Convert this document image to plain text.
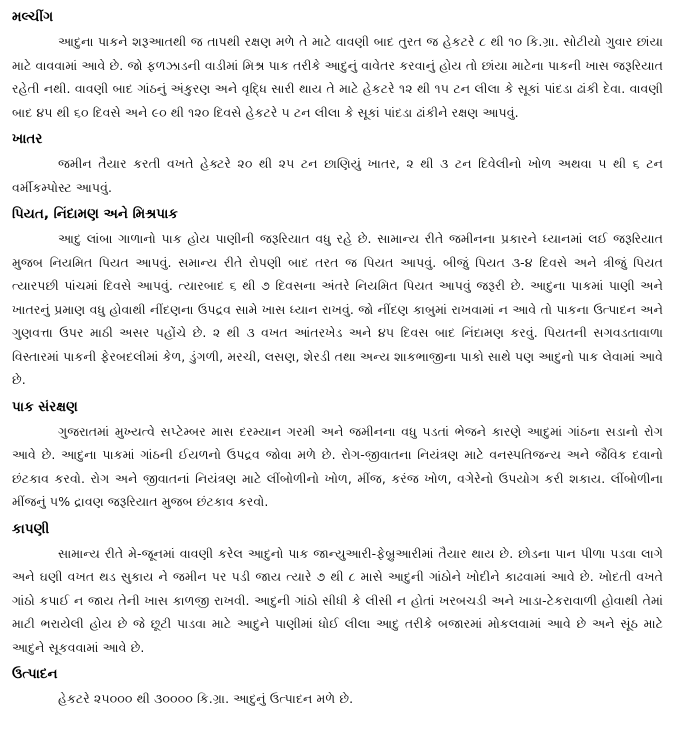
મલ્ચીંગ

આદુના પાકને શરૂઆતથી જ તાપથી રક્ષણ મળે તે માટે વાવણી બાદ તુરત જ હેકટરે ૮ થી ૧૦ કિ.ગ્રા. સોટીયો ગુવાર છાંયા માટે વાવવામાં આવે છે. જો ફળઝાડની વાડીમાં મિશ્ર પાક તરીકે આદુનું વાવેતર કરવાનું હોય તો છાંયા માટેના પાકની ખાસ જરૂરિયાત રહેતી નથી. વાવણી બાદ ગાંઠનું અંકુરણ અને વૃદ્ધિ સારી થાય તે માટે હેકટરે ૧૨ થી ૧૫ ટન લીલા કે સૂકાં પાંદડા ઢાંકી દેવા. વાવણી બાદ ૪૫ થી ૬૦ દિવસે અને ૯૦ થી ૧૨૦ દિવસે હેકટરે ૫ ટન લીલા કે સૂકાં પાંદડા ઢાંકીને રક્ષણ આપવું.

ખાતર

જમીન તૈયાર કરતી વખતે હેક્ટરે ૨૦ થી ૨૫ ટન છાણિયું ખાતર, ૨ થી ૩ ટન દિવેલીનો ખોળ અથવા ૫ થી ૬ ટન વર્મીકમ્પોસ્ટ આપવું.

પિયત, નિંદામણ અને મિશ્રપાક

આદુ લાંબા ગાળાનો પાક હોય પાણીની જરૂરિયાત વધુ રહે છે. સામાન્ય રીતે જમીનના પ્રકારને ધ્યાનમાં લઈ જરૂરિયાત મુજબ નિયમિત પિયત આપવું. સમાન્ય રીતે રોપણી બાદ તરત જ પિયત આપવું. બીજું પિયત ૩-૪ દિવસે અને ત્રીજું પિયત ત્યારપછી પાંચમાં દિવસે આપવું. ત્યારબાદ ૬ થી ૭ દિવસના અંતરે નિયમિત પિયત આપવું જરૂરી છે. આદુના પાકમાં પાણી અને ખાતરનું પ્રમાણ વધુ હોવાથી નીંદણના ઉપદ્રવ સામે ખાસ ધ્યાન રાખવું. જો નીંદણ કાબુમાં રાખવામાં ન આવે તો પાકના ઉત્પાદન અને ગુણવત્તા ઉપર માઠી અસર પહોંચે છે. ૨ થી ૩ વખત આંતરખેડ અને ૪૫ દિવસ બાદ નિંદામણ કરવું. પિયતની સગવડતાવાળા વિસ્તારમાં પાકની ફેરબદલીમાં કેળ, ડુંગળી, મરચી, લસણ, શેરડી તથા અન્ય શાકભાજીના પાકો સાથે પણ આદુનો પાક લેવામાં આવે છે.

પાક સંરક્ષણ

ગુજરાતમાં મુખ્યત્વે સપ્ટેમ્બર માસ દરમ્યાન ગરમી અને જમીનના વધુ પડતાં ભેજને કારણે આદુમાં ગાંઠના સડાનો રોગ આવે છે. આદુના પાકમાં ગાંઠની ઈયળનો ઉપદ્રવ જોવા મળે છે. રોગ-જીવાતના નિયંત્રણ માટે વનસ્પતિજન્ય અને જૈવિક દવાનો છંટકાવ કરવો. રોગ અને જીવાતનાં નિયંત્રણ માટે લીંબોળીનો ખોળ, મીંજ, કરંજ ખોળ, વગેરેનો ઉપયોગ કરી શકાય. લીંબોળીના મીંજનું ૫% દ્રાવણ જરૂરિયાત મુજબ છંટકાવ કરવો.

કાપણી

સામાન્ય રીતે મે-જૂનમાં વાવણી કરેલ આદુનો પાક જાન્યુઆરી-ફેબ્રુઆરીમાં તૈયાર થાય છે. છોડના પાન પીળા પડવા લાગે અને ઘણી વખત થડ સુકાય ને જમીન પર પડી જાય ત્યારે ૭ થી ૮ માસે આદુની ગાંઠોને ખોદીને કાઢવામાં આવે છે. ખોદતી વખતે ગાંઠો કપાઈ ન જાય તેની ખાસ કાળજી રાખવી. આદુની ગાંઠો સીધી કે લીસી ન હોતાં ખરબચડી અને ખાડા-ટેકરાવાળી હોવાથી તેમાં માટી ભરાયેલી હોય છે જે છૂટી પાડવા માટે આદુને પાણીમાં ધોઈ લીલા આદુ તરીકે બજારમાં મોકલવામાં આવે છે અને સૂંઠ માટે આદુને સૂકવવામાં આવે છે.

ઉત્પાદન

હેકટરે ૨૫૦૦૦ થી ૩૦૦૦૦ કિ.ગ્રા. આદુનું ઉત્પાદન મળે છે.
